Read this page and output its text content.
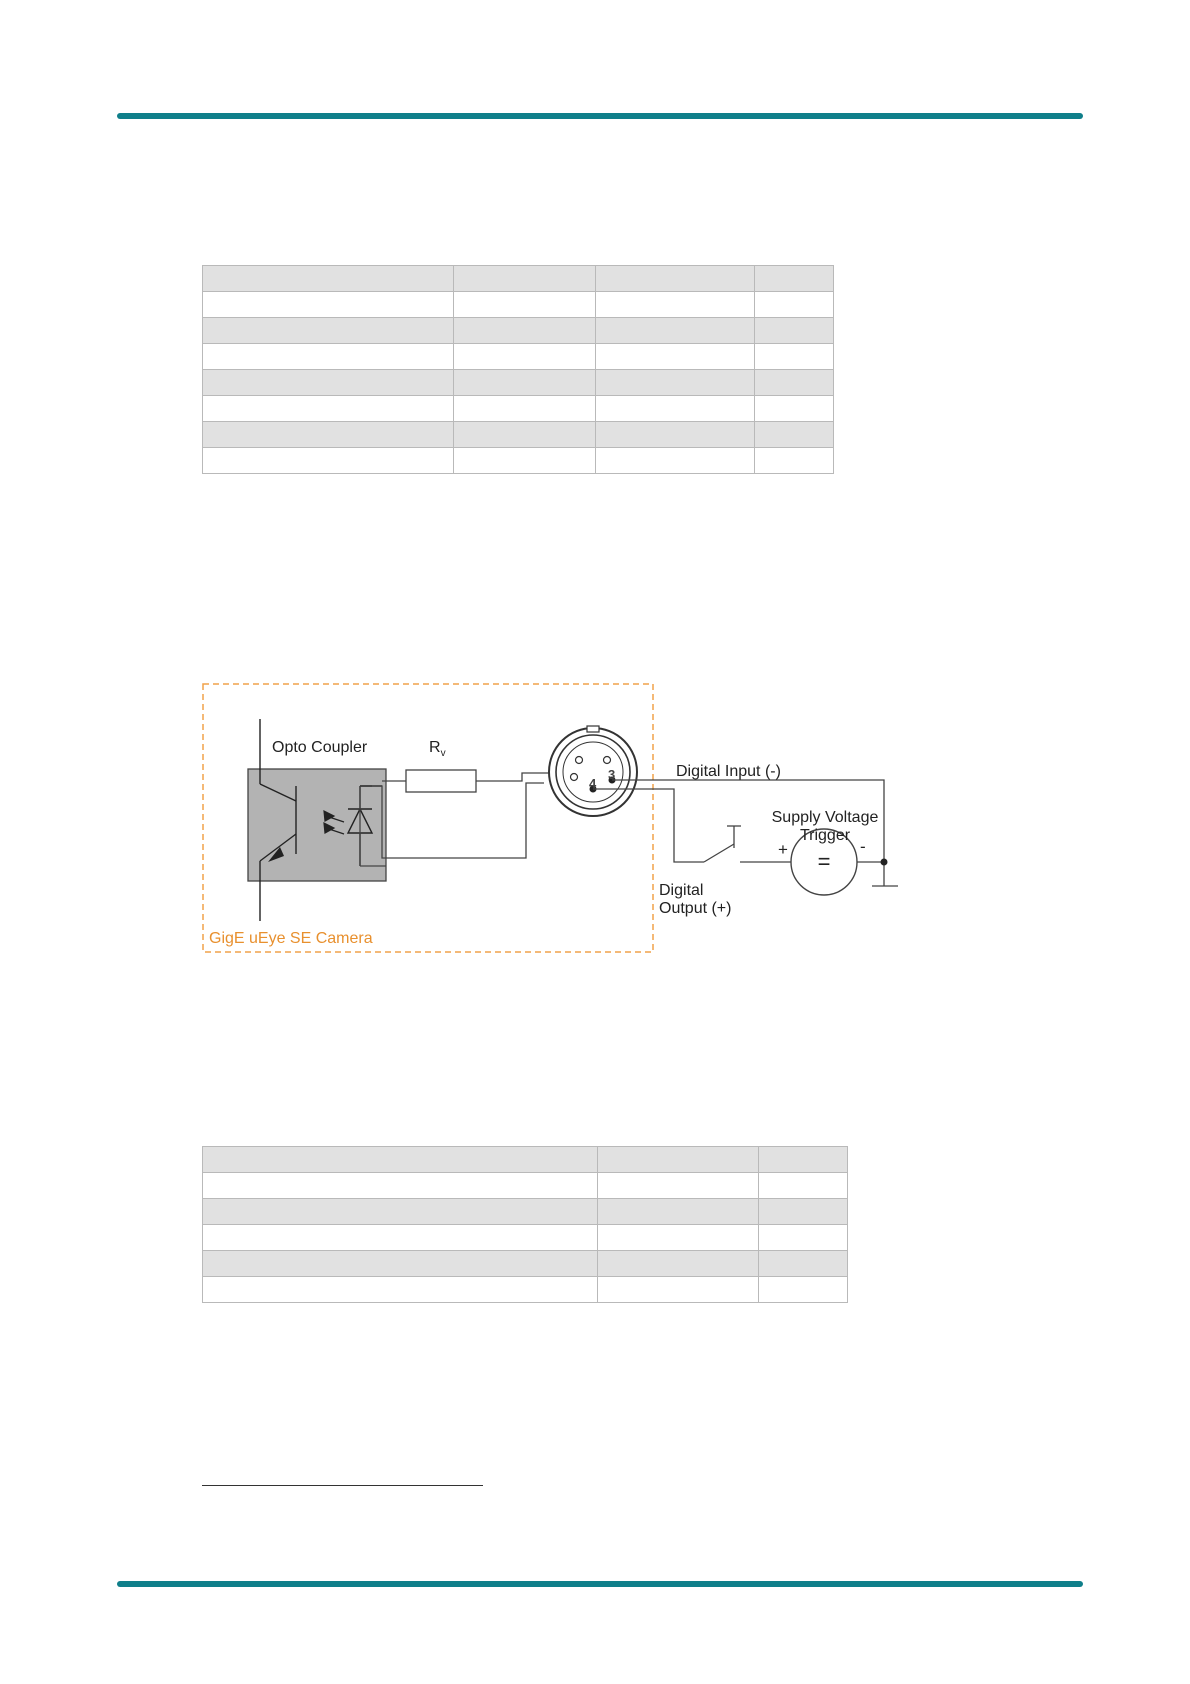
Opto Coupler	$R_v$
3
4
=
+	-
Digital Input (-)
Supply Voltage
Trigger
Digital
Output (+)
GigE uEye SE Camera
